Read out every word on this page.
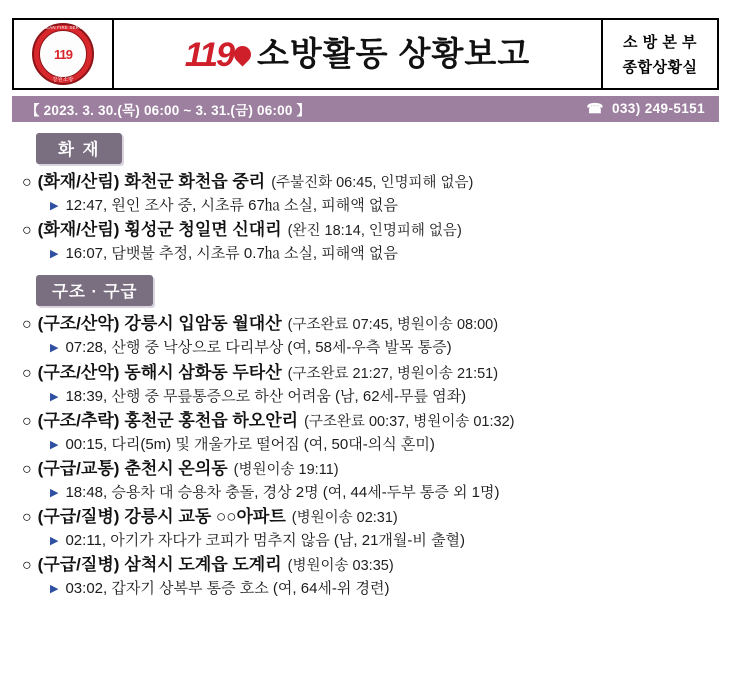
KOREAN FIRE SERVICE
119
강원소방
119 소방활동 상황보고	소 방 본 부
종합상황실
【 2023. 3. 30.(목) 06:00 ~ 3. 31.(금) 06:00 】	☎  033) 249-5151
화 재
○ (화재/산림) 화천군 화천읍 중리 (주불진화 06:45, 인명피해 없음)
▶ 12:47, 원인 조사 중, 시초류 67㏊ 소실, 피해액 없음
○ (화재/산림) 횡성군 청일면 신대리 (완진 18:14, 인명피해 없음)
▶ 16:07, 담뱃불 추정, 시초류 0.7㏊ 소실, 피해액 없음
구조 · 구급
○ (구조/산악) 강릉시 입암동 월대산 (구조완료 07:45, 병원이송 08:00)
▶ 07:28, 산행 중 낙상으로 다리부상 (여, 58세-우측 발목 통증)
○ (구조/산악) 동해시 삼화동 두타산 (구조완료 21:27, 병원이송 21:51)
▶ 18:39, 산행 중 무릎통증으로 하산 어려움 (남, 62세-무릎 염좌)
○ (구조/추락) 홍천군 홍천읍 하오안리 (구조완료 00:37, 병원이송 01:32)
▶ 00:15, 다리(5m) 및 개울가로 떨어짐 (여, 50대-의식 혼미)
○ (구급/교통) 춘천시 온의동 (병원이송 19:11)
▶ 18:48, 승용차 대 승용차 충돌, 경상 2명 (여, 44세-두부 통증 외 1명)
○ (구급/질병) 강릉시 교동 ○○아파트 (병원이송 02:31)
▶ 02:11, 아기가 자다가 코피가 멈추지 않음 (남, 21개월-비 출혈)
○ (구급/질병) 삼척시 도계읍 도계리 (병원이송 03:35)
▶ 03:02, 갑자기 상복부 통증 호소 (여, 64세-위 경련)
